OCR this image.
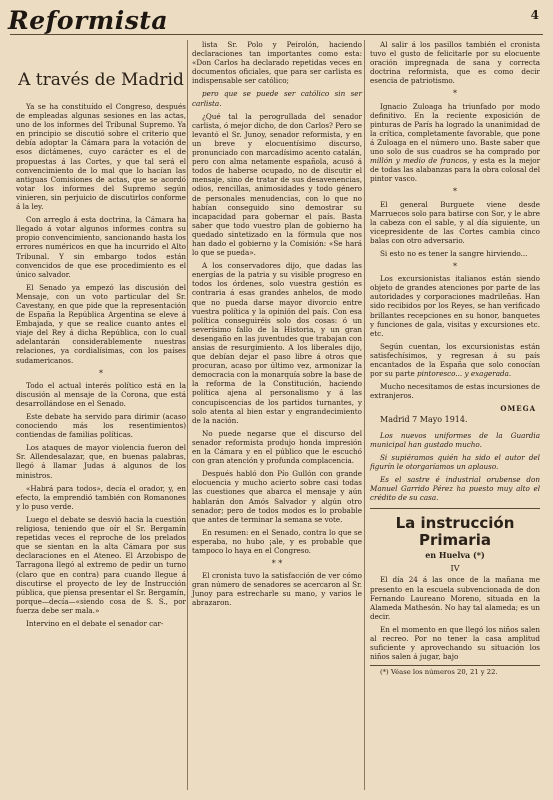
Reformista	4
A través de Madrid

Ya se ha constituído el Congreso, después de empleadas algunas sesiones en las actas, uno de los informes del Tribunal Supremo. Ya en principio se discutió sobre el criterio que debía adoptar la Cámara para la votación de esos dictámenes, cuyo carácter es el de propuestas á las Cortes, y que tal será el convencimiento de lo mal que lo hacían las antiguas Comisiones de actas, que se acordó votar los informes del Supremo según vinieren, sin perjuicio de discutirlos conforme á la ley.

Con arreglo á esta doctrina, la Cámara ha llegado á votar algunos informes contra su propio convencimiento, sancionando hasta los errores numéricos en que ha incurrido el Alto Tribunal. Y sin embargo todos están convencidos de que ese procedimiento es el único salvador.

El Senado ya empezó las discusión del Mensaje, con un voto particular del Sr. Cavestany, en que pide que la representación de España la República Argentina se eleve á Embajada, y que se realice cuanto antes el viaje del Rey á dicha República, con lo cual adelantarán considerablemente nuestras relaciones, ya cordialísimas, con los países sudamericanos.

*

Todo el actual interés político está en la discusión al mensaje de la Corona, que está desarrollándose en el Senado.

Este debate ha servido para dirimir (acaso conociendo más los resentimientos) contiendas de familias políticas.

Los ataques de mayor violencia fueron del Sr. Allendesalazar, que, en buenas palabras, llegó á llamar Judas á algunos de los ministros.

«Habrá para todos», decía el orador, y, en efecto, la emprendió también con Romanones y lo puso verde.

Luego el debate se desvió hacia la cuestión religiosa, teniendo que oír el Sr. Bergamín repetidas veces el reproche de los prelados que se sientan en la alta Cámara por sus declaraciones en el Ateneo. El Arzobispo de Tarragona llegó al extremo de pedir un turno (claro que en contra) para cuando llegue á discutirse el proyecto de ley de Instrucción pública, que piensa presentar el Sr. Bergamín, porque—decía—«siendo cosa de S. S., por fuerza debe ser mala.»

Intervino en el debate el senador car-

lista Sr. Polo y Peirolón, haciendo declaraciones tan importantes como esta: «Don Carlos ha declarado repetidas veces en documentos oficiales, que para ser carlista es indispensable ser católico;

pero que se puede ser católico sin ser carlista.

¿Qué tal la perogrullada del senador carlista, ó mejor dicho, de don Carlos? Pero se levantó el Sr. Junoy, senador reformista, y en un breve y elocuentísimo discurso, pronunciado con marcadísimo acento catalán, pero con alma netamente española, acusó á todos de haberse ocupado, no de discutir el mensaje, sino de tratar de sus desavenencias, odios, rencillas, animosidades y todo género de personales menudencias, con lo que no habían conseguido sino demostrar su incapacidad para gobernar el país. Basta saber que todo vuestro plan de gobierno ha quedado sintetizado en la fórmula que nos han dado el gobierno y la Comisión: «Se hará lo que se pueda».

A los conservadores dijo, que dadas las energías de la patria y su visible progreso en todos los órdenes, solo vuestra gestión es contraria á esas grandes anhelos, de modo que no pueda darse mayor divorcio entre vuestra política y la opinión del país. Con esa política conseguiréis solo dos cosas: ó un severísimo fallo de la Historia, y un gran desengaño en las juventudes que trabajan con ansias de resurgimiento. A los liberales dijo, que debían dejar el paso libre á otros que procuran, acaso por último vez, armonizar la democracia con la monarquía sobre la base de la reforma de la Constitución, haciendo política ajena al personalismo y á las concupiscencias de los partidos turnantes, y solo atenta al bien estar y engrandecimiento de la nación.

No puede negarse que el discurso del senador reformista produjo honda impresión en la Cámara y en el público que le escuchó con gran atención y profunda complacencia.

Después habló don Pío Gullón con grande elocuencia y mucho acierto sobre casi todas las cuestiones que abarca el mensaje y aún hablarán don Amós Salvador y algún otro senador; pero de todos modos es lo probable que antes de terminar la semana se vote.

En resumen: en el Senado, contra lo que se esperaba, no hubo ¡ale, y es probable que tampoco lo haya en el Congreso.

* *

El cronista tuvo la satisfacción de ver cómo gran número de senadores se acercaron al Sr. Junoy para estrecharle su mano, y varios le abrazaron.

Al salir á los pasillos también el cronista tuvo el gusto de felicitarle por su elocuente oración impregnada de sana y correcta doctrina reformista, que es como decir esencia de patriotismo.

*

Ignacio Zuloaga ha triunfado por modo definitivo. En la reciente exposición de pinturas de París ha logrado la unanimidad de la crítica, completamente favorable, que pone á Zuloaga en el número uno. Baste saber que uno solo de sus cuadros se ha comprado por millón y medio de francos, y esta es la mejor de todas las alabanzas para la obra colosal del pintor vasco.

*

El general Burguete viene desde Marruecos solo para batirse con Sor, y le abre la cabeza con el sable, y al día siguiente, un vicepresidente de las Cortes cambia cinco balas con otro adversario.

Si esto no es tener la sangre hirviendo...

*

Los excursionistas italianos están siendo objeto de grandes atenciones por parte de las autoridades y corporaciones madrileñas. Han sido recibidos por los Reyes, se han verificado brillantes recepciones en su honor, banquetes y funciones de gala, visitas y excursiones etc. etc.

Según cuentan, los excursionistas están satisfechísimos, y regresan á su país encantados de la España que solo conocían por su parte pintoresco... y exagerada.

Mucho necesitamos de estas incursiones de extranjeros.

OMEGA
Madrid 7 Mayo 1914.

Los nuevos uniformes de la Guardia municipal han gustado mucho.

Si supiéramos quién ha sido el autor del figurín le otorgaríamos un aplauso.

Es el sastre é industrial orubense don Manuel Garrido Pérez ha puesto muy alto el crédito de su casa.

La instrucción Primaria
en Huelva (*)
IV

El día 24 á las once de la mañana me presento en la escuela subvencionada de don Fernando Laureano Moreno, situada en la Alameda Mathesón. No hay tal alameda; es un decir.

En el momento en que llegó los niños salen al recreo. Por no tener la casa amplitud suficiente y aprovechando su situación los niños salen á jugar, bajo

(*) Véase los números 20, 21 y 22.
